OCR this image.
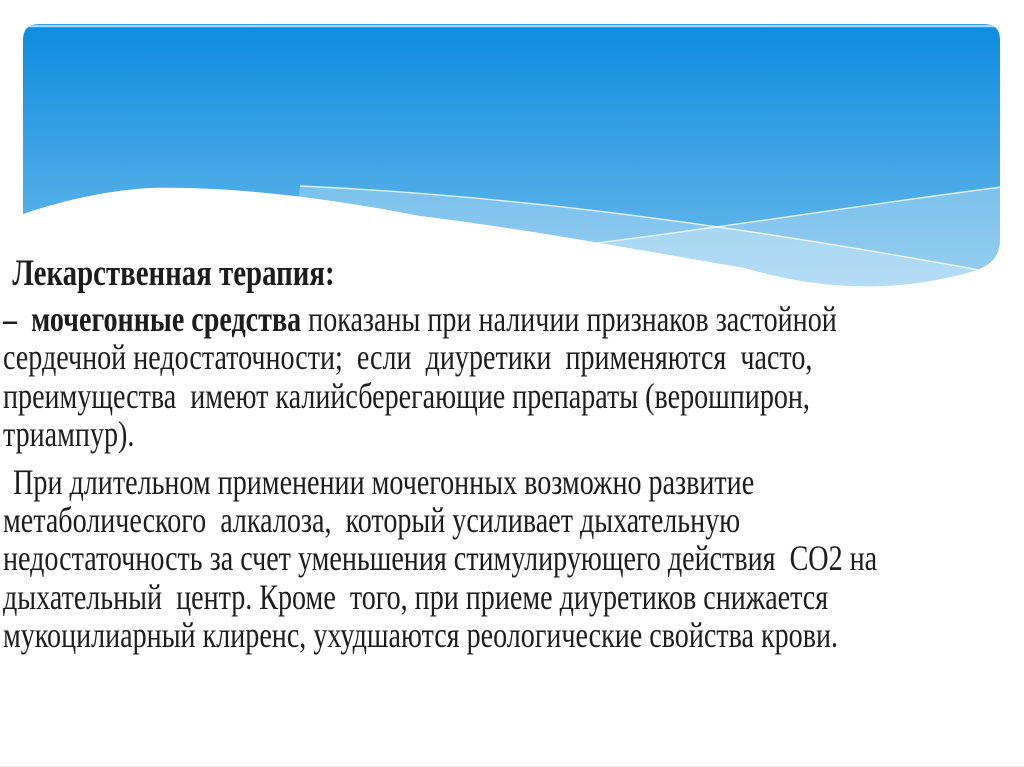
Лекарственная терапия:
–  мочегонные средства показаны при наличии признаков застойной
сердечной недостаточности;  если  диуретики  применяются  часто,
преимущества  имеют калийсберегающие препараты (верошпирон,
триампур).
При длительном применении мочегонных возможно развитие
метаболического  алкалоза,  который усиливает дыхательную
недостаточность за счет уменьшения стимулирующего действия  СО2 на
дыхательный  центр. Кроме  того, при приеме диуретиков снижается
мукоцилиарный клиренс, ухудшаются реологические свойства крови.
